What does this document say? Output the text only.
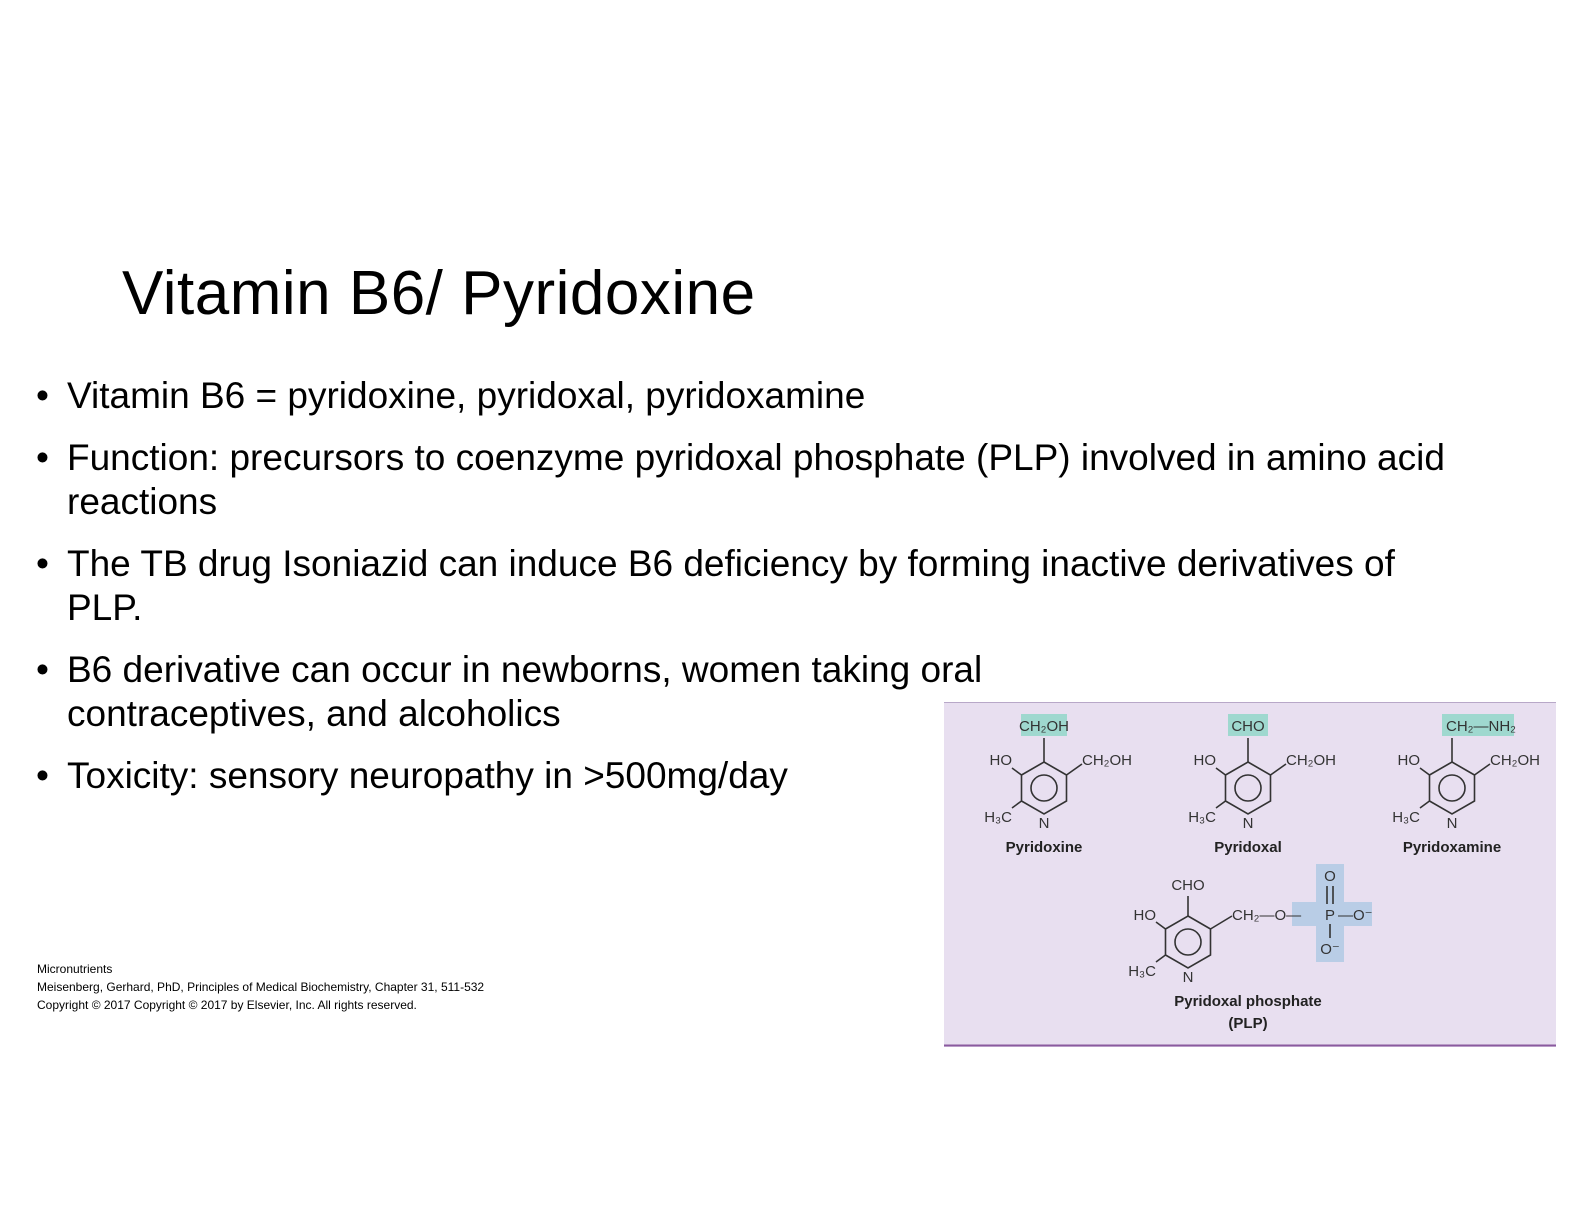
Vitamin B6/ Pyridoxine
• Vitamin B6 = pyridoxine, pyridoxal, pyridoxamine
• Function: precursors to coenzyme pyridoxal phosphate (PLP) involved in amino acid reactions
• The TB drug Isoniazid can induce B6 deficiency by forming inactive derivatives of PLP.
• B6 derivative can occur in newborns, women taking oral contraceptives, and alcoholics
• Toxicity: sensory neuropathy in >500mg/day
Micronutrients
Meisenberg, Gerhard, PhD, Principles of Medical Biochemistry, Chapter 31, 511-532
Copyright © 2017 Copyright © 2017 by Elsevier, Inc. All rights reserved.
CH₂OH
CH₂OH
HO
H₃C N
Pyridoxine
CHO
CH₂OH
HO
H₃C N
Pyridoxal
CH₂—NH₂
CH₂OH
HO
H₃C N
Pyridoxamine
CHO
HO
H₃C N
CH₂—O— P —O⁻
O
O⁻
Pyridoxal phosphate
(PLP)
